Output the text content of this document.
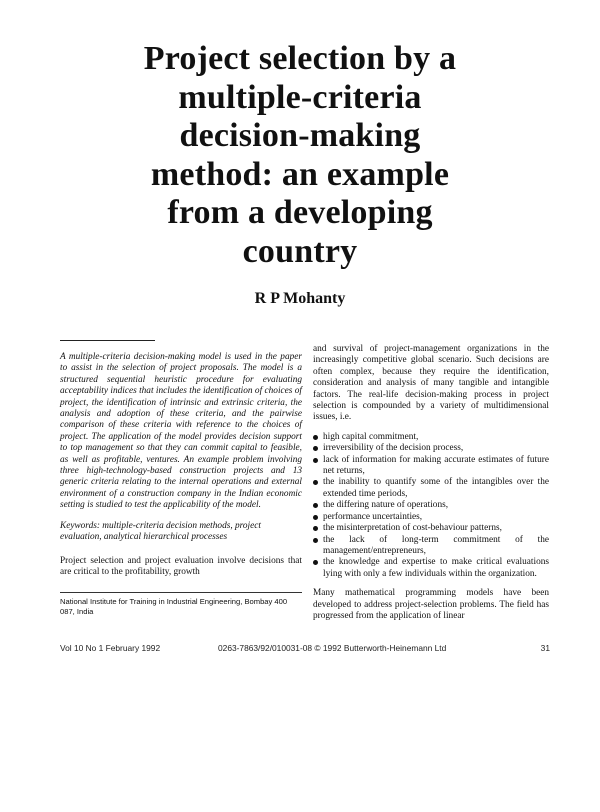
Project selection by a
multiple-criteria
decision-making
method: an example
from a developing
country

R P Mohanty

A multiple-criteria decision-making model is used in the paper to assist in the selection of project proposals. The model is a structured sequential heuristic procedure for evaluating acceptability indices that includes the identification of choices of project, the identification of intrinsic and extrinsic criteria, the analysis and adoption of these criteria, and the pairwise comparison of these criteria with reference to the choices of project. The application of the model provides decision support to top management so that they can commit capital to feasible, as well as profitable, ventures. An example problem involving three high-technology-based construction projects and 13 generic criteria relating to the internal operations and external environment of a construction company in the Indian economic setting is studied to test the applicability of the model.

Keywords: multiple-criteria decision methods, project evaluation, analytical hierarchical processes

Project selection and project evaluation involve decisions that are critical to the profitability, growth

National Institute for Training in Industrial Engineering, Bombay 400 087, India

and survival of project-management organizations in the increasingly competitive global scenario. Such decisions are often complex, because they require the identification, consideration and analysis of many tangible and intangible factors. The real-life decision-making process in project selection is compounded by a variety of multidimensional issues, i.e.

high capital commitment,
irreversibility of the decision process,
lack of information for making accurate estimates of future net returns,
the inability to quantify some of the intangibles over the extended time periods,
the differing nature of operations,
performance uncertainties,
the misinterpretation of cost-behaviour patterns,
the lack of long-term commitment of the management/entrepreneurs,
the knowledge and expertise to make critical evaluations lying with only a few individuals within the organization.

Many mathematical programming models have been developed to address project-selection problems. The field has progressed from the application of linear

Vol 10 No 1 February 1992	0263-7863/92/010031-08 © 1992 Butterworth-Heinemann Ltd	31
